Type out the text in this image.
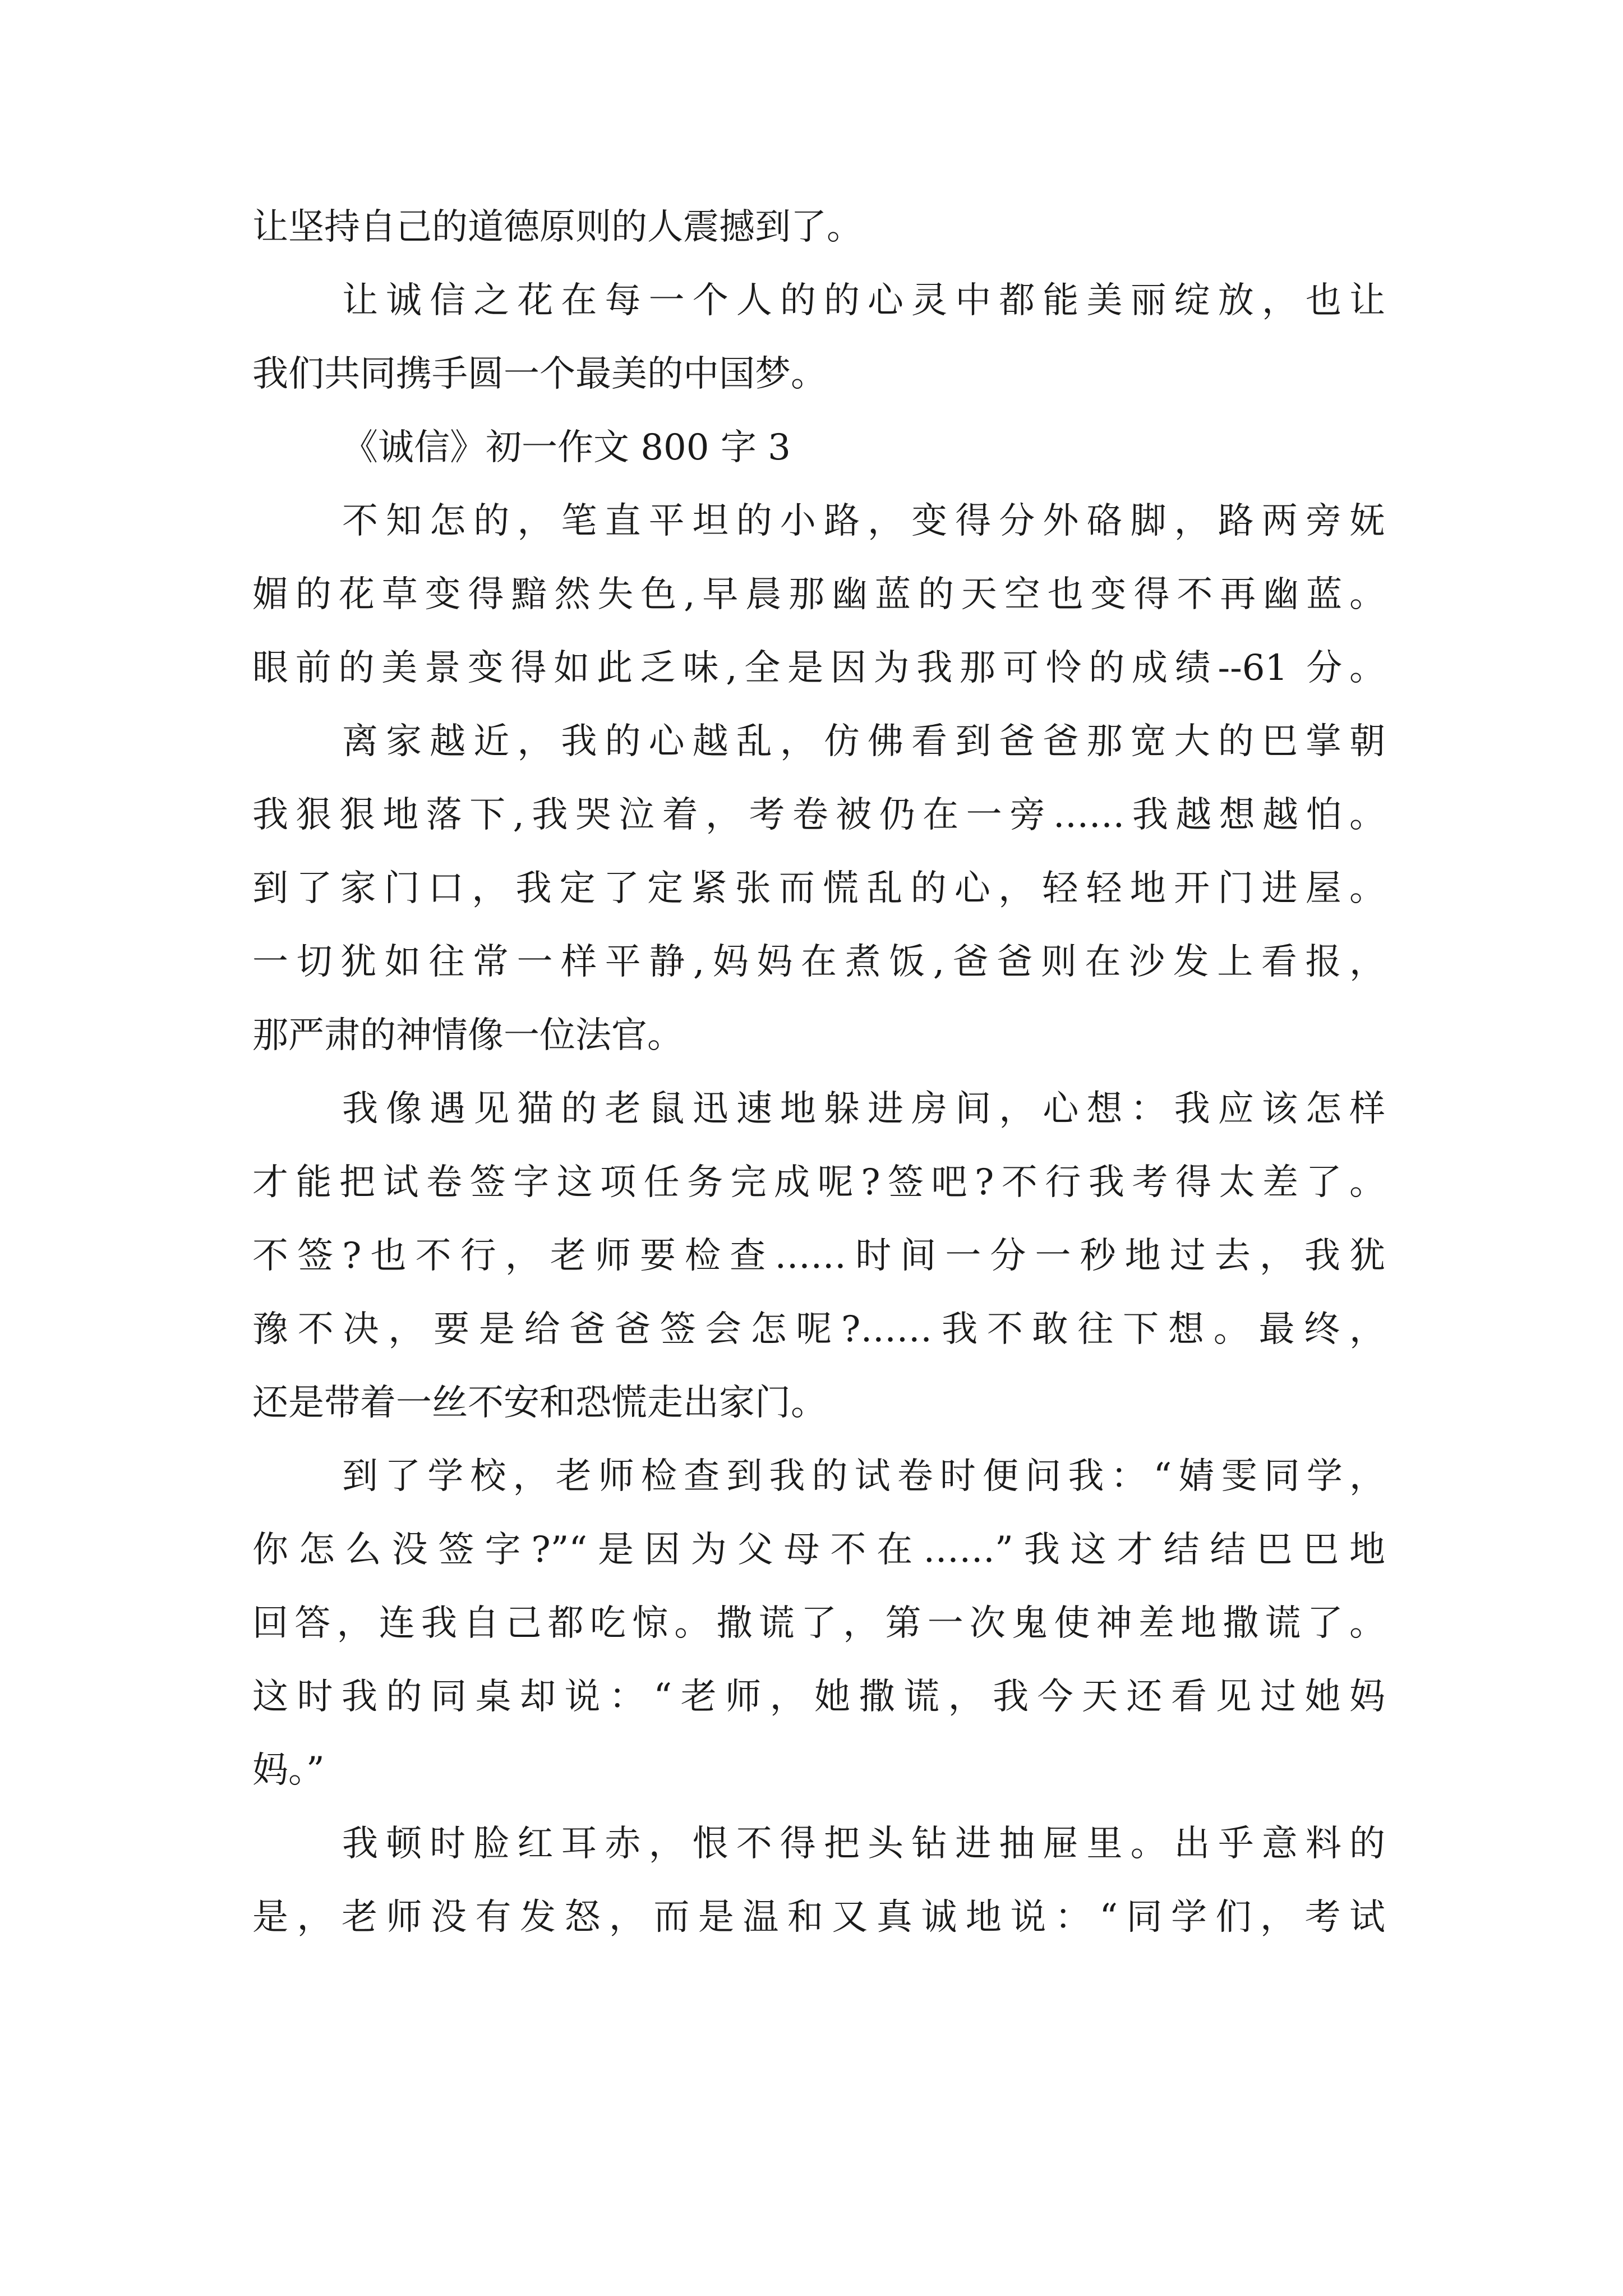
让坚持自己的道德原则的人震撼到了。
让诚信之花在每一个人的的心灵中都能美丽绽放，也让
我们共同携手圆一个最美的中国梦。
《诚信》初一作文 800 字 3
不知怎的，笔直平坦的小路，变得分外硌脚，路两旁妩
媚的花草变得黯然失色,早晨那幽蓝的天空也变得不再幽蓝。
眼前的美景变得如此乏味,全是因为我那可怜的成绩--61 分。
离家越近，我的心越乱，仿佛看到爸爸那宽大的巴掌朝
我狠狠地落下,我哭泣着，考卷被仍在一旁……我越想越怕。
到了家门口，我定了定紧张而慌乱的心，轻轻地开门进屋。
一切犹如往常一样平静,妈妈在煮饭,爸爸则在沙发上看报，
那严肃的神情像一位法官。
我像遇见猫的老鼠迅速地躲进房间，心想：我应该怎样
才能把试卷签字这项任务完成呢?签吧?不行我考得太差了。
不签?也不行，老师要检查……时间一分一秒地过去，我犹
豫不决，要是给爸爸签会怎呢?……我不敢往下想。最终，
还是带着一丝不安和恐慌走出家门。
到了学校，老师检查到我的试卷时便问我：“婧雯同学，
你怎么没签字?”“是因为父母不在……”我这才结结巴巴地
回答，连我自己都吃惊。撒谎了，第一次鬼使神差地撒谎了。
这时我的同桌却说：“老师，她撒谎，我今天还看见过她妈
妈。”
我顿时脸红耳赤，恨不得把头钻进抽屉里。出乎意料的
是，老师没有发怒，而是温和又真诚地说：“同学们，考试
